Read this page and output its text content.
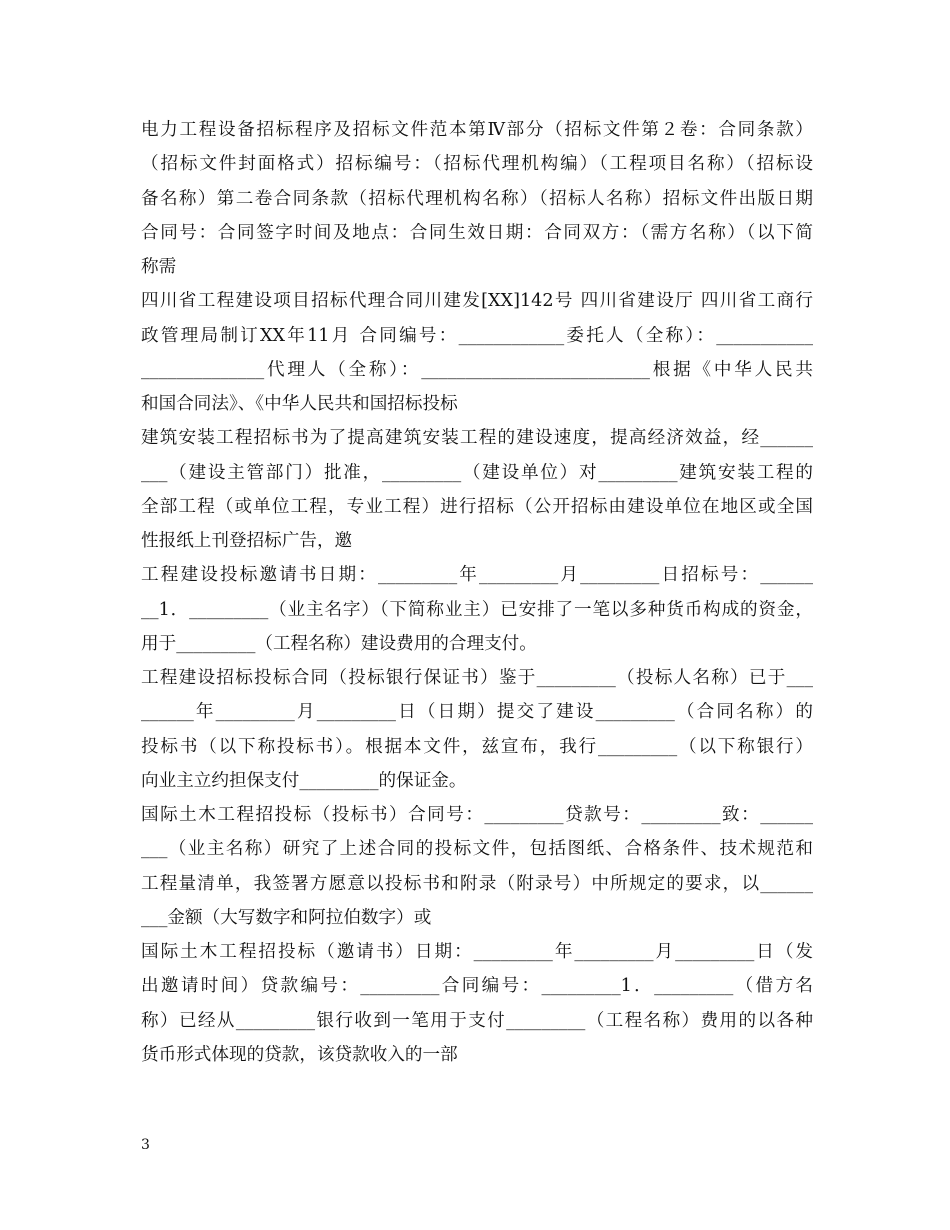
电力工程设备招标程序及招标文件范本第Ⅳ部分（招标文件第２卷：合同条款）
（招标文件封面格式）招标编号：（招标代理机构编）（工程项目名称）（招标设
备名称）第二卷合同条款（招标代理机构名称）（招标人名称）招标文件出版日期
合同号：合同签字时间及地点：合同生效日期：合同双方：（需方名称）（以下简
称需
四川省工程建设项目招标代理合同川建发[XX]142号 四川省建设厅 四川省工商行
政管理局制订XX年11月 合同编号：____________委托人（全称）：___________
______________代理人（全称）：__________________________根据《中华人民共
和国合同法》、《中华人民共和国招标投标
建筑安装工程招标书为了提高建筑安装工程的建设速度，提高经济效益，经______
___（建设主管部门）批准，_________（建设单位）对_________建筑安装工程的
全部工程（或单位工程，专业工程）进行招标（公开招标由建设单位在地区或全国
性报纸上刊登招标广告，邀
工程建设投标邀请书日期：_________年_________月_________日招标号：______
__1．_________（业主名字）（下简称业主）已安排了一笔以多种货币构成的资金，
用于_________（工程名称）建设费用的合理支付。
工程建设招标投标合同（投标银行保证书）鉴于_________（投标人名称）已于___
______年_________月_________日（日期）提交了建设_________（合同名称）的
投标书（以下称投标书）。根据本文件，兹宣布，我行_________（以下称银行）
向业主立约担保支付_________的保证金。
国际土木工程招投标（投标书）合同号：_________贷款号：_________致：______
___（业主名称）研究了上述合同的投标文件，包括图纸、合格条件、技术规范和
工程量清单，我签署方愿意以投标书和附录（附录号）中所规定的要求，以______
___金额（大写数字和阿拉伯数字）或
国际土木工程招投标（邀请书）日期：_________年_________月_________日（发
出邀请时间）贷款编号：_________合同编号：_________1．_________（借方名
称）已经从_________银行收到一笔用于支付_________（工程名称）费用的以各种
货币形式体现的贷款，该贷款收入的一部
3
